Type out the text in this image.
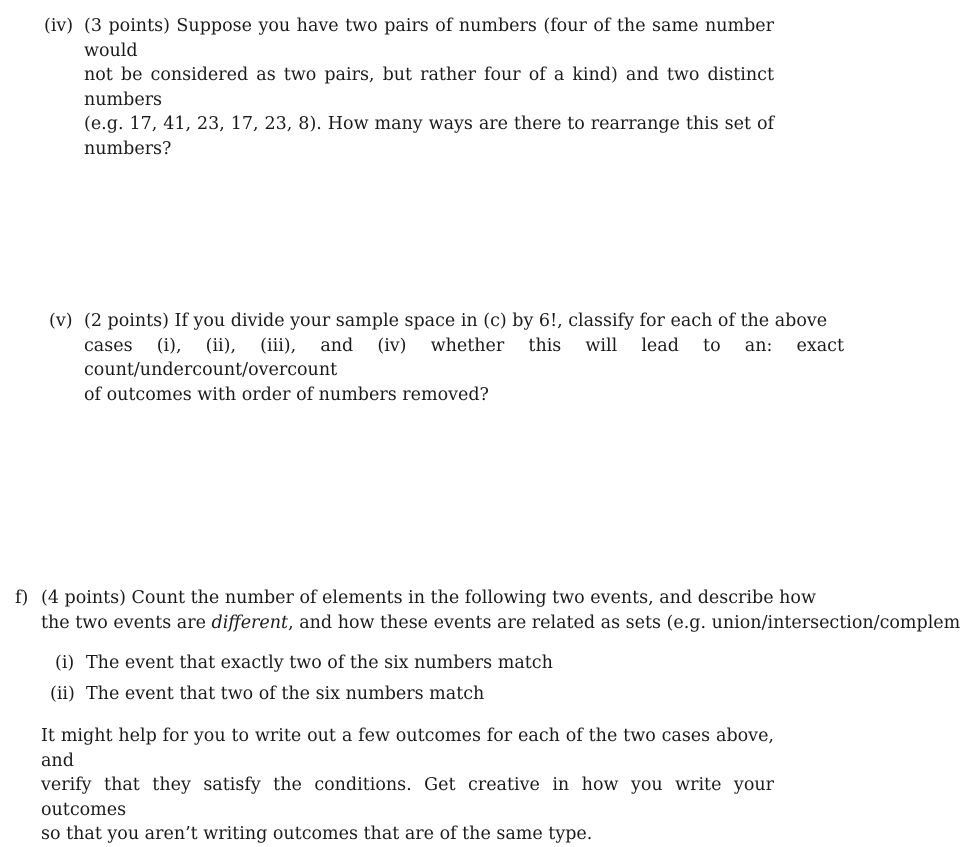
(iv) (3 points) Suppose you have two pairs of numbers (four of the same number would
not be considered as two pairs, but rather four of a kind) and two distinct numbers
(e.g. 17, 41, 23, 17, 23, 8). How many ways are there to rearrange this set of
numbers?
(v) (2 points) If you divide your sample space in (c) by 6!, classify for each of the above
cases (i), (ii), (iii), and (iv) whether this will lead to an: exact count/undercount/overcount
of outcomes with order of numbers removed?
f) (4 points) Count the number of elements in the following two events, and describe how
the two events are different, and how these events are related as sets (e.g. union/intersection/complem
(i) The event that exactly two of the six numbers match
(ii) The event that two of the six numbers match
It might help for you to write out a few outcomes for each of the two cases above, and
verify that they satisfy the conditions. Get creative in how you write your outcomes
so that you aren’t writing outcomes that are of the same type.
